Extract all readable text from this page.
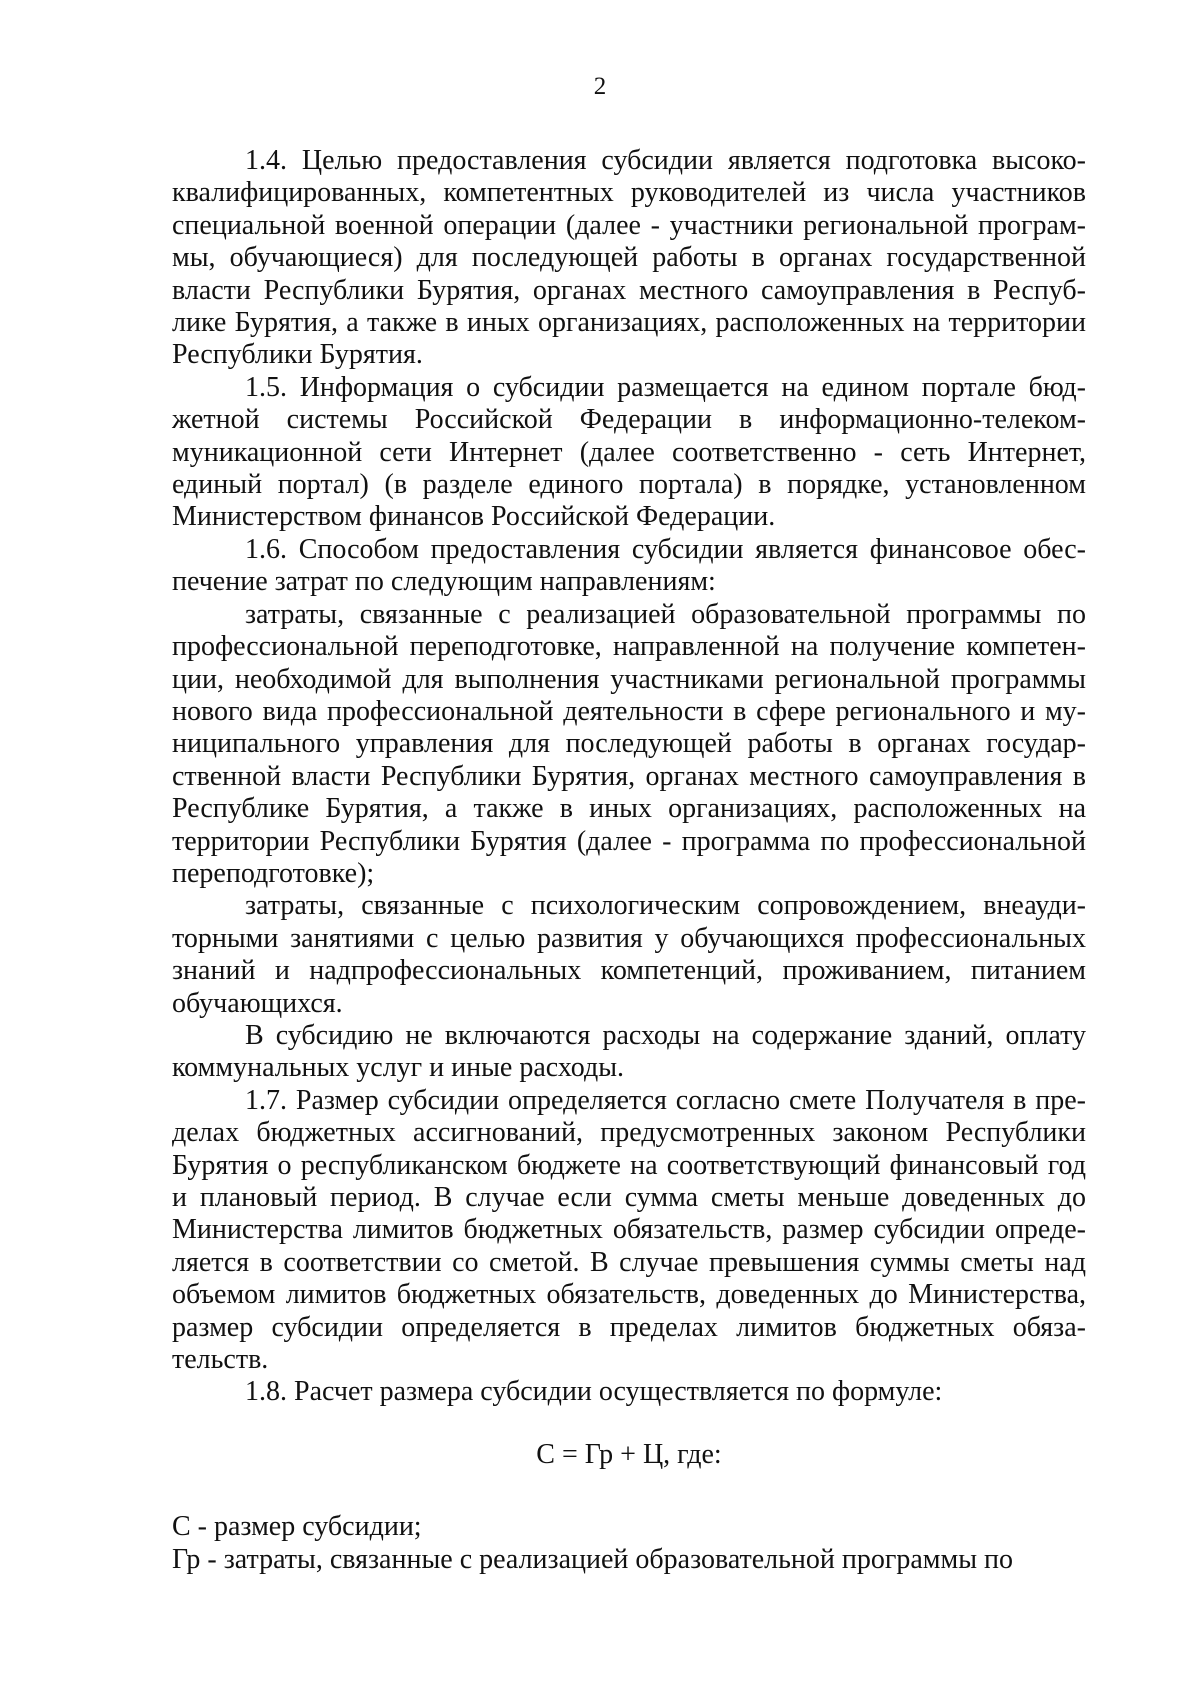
2

1.4. Целью предоставления субсидии является подготовка высококвалифицированных, компетентных руководителей из числа участников специальной военной операции (далее - участники региональной программы, обучающиеся) для последующей работы в органах государственной власти Республики Бурятия, органах местного самоуправления в Республике Бурятия, а также в иных организациях, расположенных на территории Республики Бурятия.

1.5. Информация о субсидии размещается на едином портале бюджетной системы Российской Федерации в информационно-телекоммуникационной сети Интернет (далее соответственно - сеть Интернет, единый портал) (в разделе единого портала) в порядке, установленном Министерством финансов Российской Федерации.

1.6. Способом предоставления субсидии является финансовое обеспечение затрат по следующим направлениям:

затраты, связанные с реализацией образовательной программы по профессиональной переподготовке, направленной на получение компетенции, необходимой для выполнения участниками региональной программы нового вида профессиональной деятельности в сфере регионального и муниципального управления для последующей работы в органах государственной власти Республики Бурятия, органах местного самоуправления в Республике Бурятия, а также в иных организациях, расположенных на территории Республики Бурятия (далее - программа по профессиональной переподготовке);

затраты, связанные с психологическим сопровождением, внеаудиторными занятиями с целью развития у обучающихся профессиональных знаний и надпрофессиональных компетенций, проживанием, питанием обучающихся.

В субсидию не включаются расходы на содержание зданий, оплату коммунальных услуг и иные расходы.

1.7. Размер субсидии определяется согласно смете Получателя в пределах бюджетных ассигнований, предусмотренных законом Республики Бурятия о республиканском бюджете на соответствующий финансовый год и плановый период. В случае если сумма сметы меньше доведенных до Министерства лимитов бюджетных обязательств, размер субсидии определяется в соответствии со сметой. В случае превышения суммы сметы над объемом лимитов бюджетных обязательств, доведенных до Министерства, размер субсидии определяется в пределах лимитов бюджетных обязательств.

1.8. Расчет размера субсидии осуществляется по формуле:

С = Гр + Ц, где:

С - размер субсидии;

Гр - затраты, связанные с реализацией образовательной программы по
